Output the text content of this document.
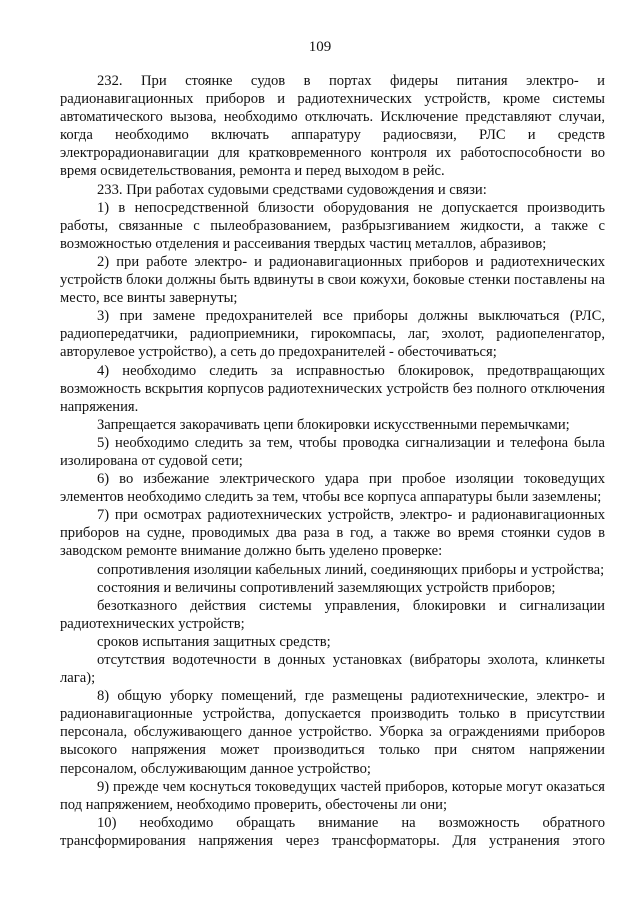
109

232. При стоянке судов в портах фидеры питания электро- и радионавигационных приборов и радиотехнических устройств, кроме системы автоматического вызова, необходимо отключать. Исключение представляют случаи, когда необходимо включать аппаратуру радиосвязи, РЛС и средств электрорадионавигации для кратковременного контроля их работоспособности во время освидетельствования, ремонта и перед выходом в рейс.

233. При работах судовыми средствами судовождения и связи:

1) в непосредственной близости оборудования не допускается производить работы, связанные с пылеобразованием, разбрызгиванием жидкости, а также с возможностью отделения и рассеивания твердых частиц металлов, абразивов;

2) при работе электро- и радионавигационных приборов и радиотехнических устройств блоки должны быть вдвинуты в свои кожухи, боковые стенки поставлены на место, все винты завернуты;

3) при замене предохранителей все приборы должны выключаться (РЛС, радиопередатчики, радиоприемники, гирокомпасы, лаг, эхолот, радиопеленгатор, авторулевое устройство), а сеть до предохранителей - обесточиваться;

4) необходимо следить за исправностью блокировок, предотвращающих возможность вскрытия корпусов радиотехнических устройств без полного отключения напряжения.

Запрещается закорачивать цепи блокировки искусственными перемычками;

5) необходимо следить за тем, чтобы проводка сигнализации и телефона была изолирована от судовой сети;

6) во избежание электрического удара при пробое изоляции токоведущих элементов необходимо следить за тем, чтобы все корпуса аппаратуры были заземлены;

7) при осмотрах радиотехнических устройств, электро- и радионавигационных приборов на судне, проводимых два раза в год, а также во время стоянки судов в заводском ремонте внимание должно быть уделено проверке:

сопротивления изоляции кабельных линий, соединяющих приборы и устройства;

состояния и величины сопротивлений заземляющих устройств приборов;

безотказного действия системы управления, блокировки и сигнализации радиотехнических устройств;

сроков испытания защитных средств;

отсутствия водотечности в донных установках (вибраторы эхолота, клинкеты лага);

8) общую уборку помещений, где размещены радиотехнические, электро- и радионавигационные устройства, допускается производить только в присутствии персонала, обслуживающего данное устройство. Уборка за ограждениями приборов высокого напряжения может производиться только при снятом напряжении персоналом, обслуживающим данное устройство;

9) прежде чем коснуться токоведущих частей приборов, которые могут оказаться под напряжением, необходимо проверить, обесточены ли они;

10) необходимо обращать внимание на возможность обратного трансформирования напряжения через трансформаторы. Для устранения этого
